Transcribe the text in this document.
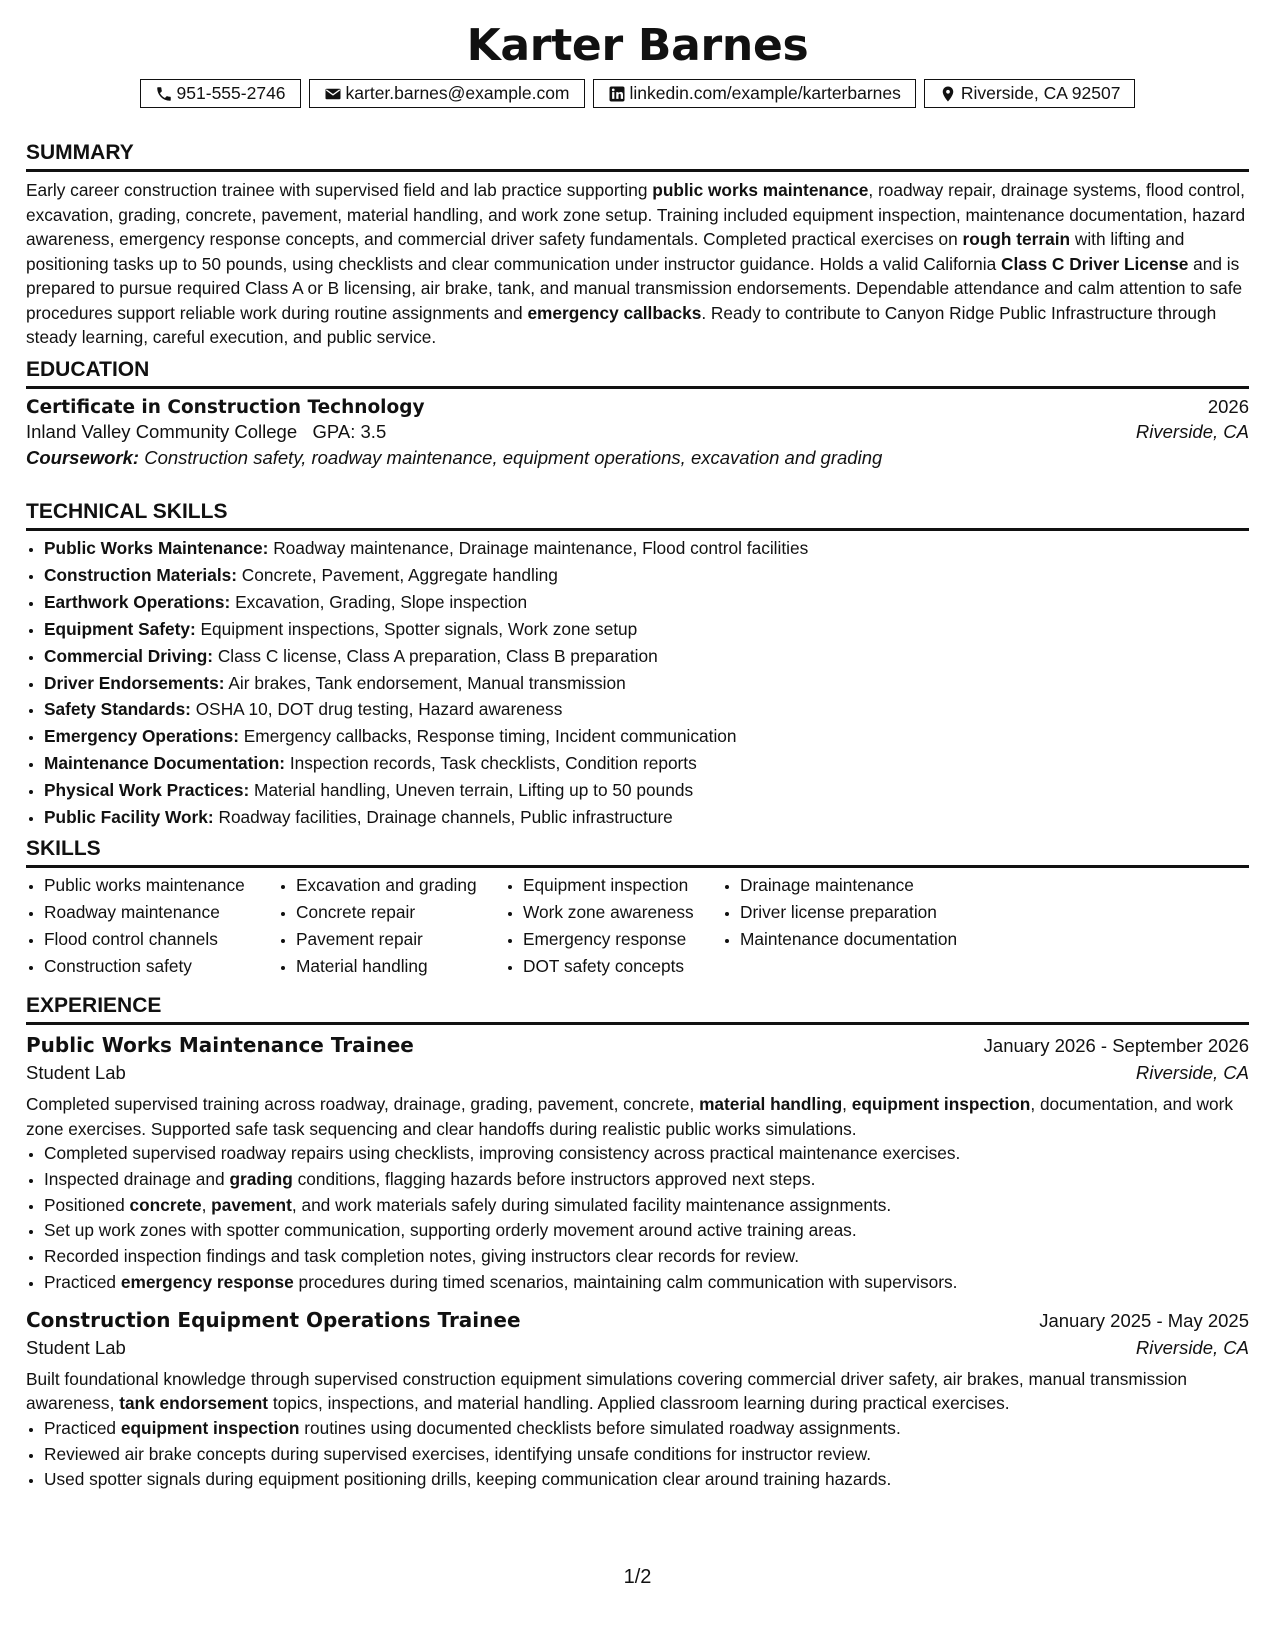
Karter Barnes
951-555-2746	karter.barnes@example.com	linkedin.com/example/karterbarnes	Riverside, CA 92507
SUMMARY
Early career construction trainee with supervised field and lab practice supporting public works maintenance, roadway repair, drainage systems, flood control, excavation, grading, concrete, pavement, material handling, and work zone setup. Training included equipment inspection, maintenance documentation, hazard awareness, emergency response concepts, and commercial driver safety fundamentals. Completed practical exercises on rough terrain with lifting and positioning tasks up to 50 pounds, using checklists and clear communication under instructor guidance. Holds a valid California Class C Driver License and is prepared to pursue required Class A or B licensing, air brake, tank, and manual transmission endorsements. Dependable attendance and calm attention to safe procedures support reliable work during routine assignments and emergency callbacks. Ready to contribute to Canyon Ridge Public Infrastructure through steady learning, careful execution, and public service.
EDUCATION
Certificate in Construction Technology	2026
Inland Valley Community College GPA: 3.5	Riverside, CA
Coursework: Construction safety, roadway maintenance, equipment operations, excavation and grading
TECHNICAL SKILLS
• Public Works Maintenance: Roadway maintenance, Drainage maintenance, Flood control facilities
• Construction Materials: Concrete, Pavement, Aggregate handling
• Earthwork Operations: Excavation, Grading, Slope inspection
• Equipment Safety: Equipment inspections, Spotter signals, Work zone setup
• Commercial Driving: Class C license, Class A preparation, Class B preparation
• Driver Endorsements: Air brakes, Tank endorsement, Manual transmission
• Safety Standards: OSHA 10, DOT drug testing, Hazard awareness
• Emergency Operations: Emergency callbacks, Response timing, Incident communication
• Maintenance Documentation: Inspection records, Task checklists, Condition reports
• Physical Work Practices: Material handling, Uneven terrain, Lifting up to 50 pounds
• Public Facility Work: Roadway facilities, Drainage channels, Public infrastructure
SKILLS
• Public works maintenance
• Roadway maintenance
• Flood control channels
• Construction safety
• Excavation and grading
• Concrete repair
• Pavement repair
• Material handling
• Equipment inspection
• Work zone awareness
• Emergency response
• DOT safety concepts
• Drainage maintenance
• Driver license preparation
• Maintenance documentation
EXPERIENCE
Public Works Maintenance Trainee	January 2026 - September 2026
Student Lab	Riverside, CA
Completed supervised training across roadway, drainage, grading, pavement, concrete, material handling, equipment inspection, documentation, and work zone exercises. Supported safe task sequencing and clear handoffs during realistic public works simulations.
• Completed supervised roadway repairs using checklists, improving consistency across practical maintenance exercises.
• Inspected drainage and grading conditions, flagging hazards before instructors approved next steps.
• Positioned concrete, pavement, and work materials safely during simulated facility maintenance assignments.
• Set up work zones with spotter communication, supporting orderly movement around active training areas.
• Recorded inspection findings and task completion notes, giving instructors clear records for review.
• Practiced emergency response procedures during timed scenarios, maintaining calm communication with supervisors.
Construction Equipment Operations Trainee	January 2025 - May 2025
Student Lab	Riverside, CA
Built foundational knowledge through supervised construction equipment simulations covering commercial driver safety, air brakes, manual transmission awareness, tank endorsement topics, inspections, and material handling. Applied classroom learning during practical exercises.
• Practiced equipment inspection routines using documented checklists before simulated roadway assignments.
• Reviewed air brake concepts during supervised exercises, identifying unsafe conditions for instructor review.
• Used spotter signals during equipment positioning drills, keeping communication clear around training hazards.
1/2
